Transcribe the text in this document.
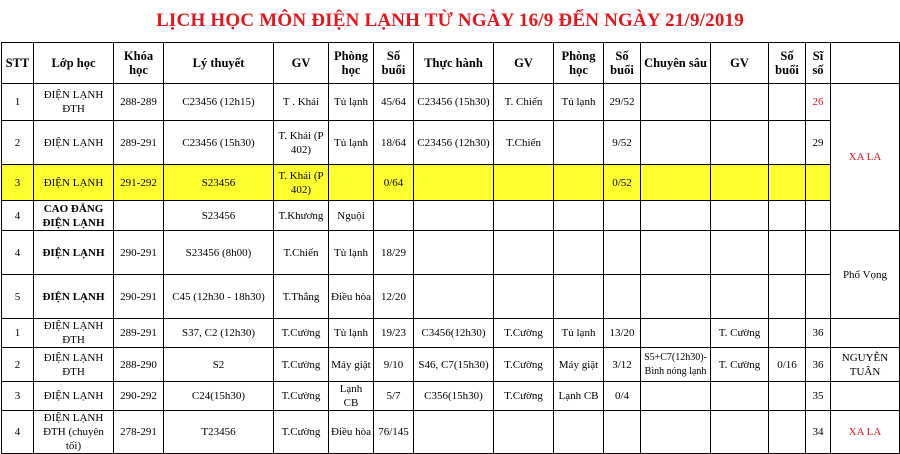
LỊCH HỌC MÔN ĐIỆN LẠNH TỪ NGÀY 16/9 ĐẾN NGÀY 21/9/2019
STT	Lớp học	Khóa học	Lý thuyết	GV	Phòng học	Số buổi	Thực hành	GV	Phòng học	Số buổi	Chuyên sâu	GV	Số buổi	Sĩ số	
1	ĐIỆN LẠNH ĐTH	288-289	C23456 (12h15)	T . Khải	Tủ lạnh	45/64	C23456 (15h30)	T. Chiến	Tủ lạnh	29/52				26	XA LA
2	ĐIỆN LẠNH	289-291	C23456 (15h30)	T. Khải (P 402)	Tủ lạnh	18/64	C23456 (12h30)	T.Chiến		9/52				29	
3	ĐIỆN LẠNH	291-292	S23456	T. Khải (P 402)		0/64				0/52					
4	CAO ĐẲNG ĐIỆN LẠNH		S23456	T.Khương	Nguội										
4	ĐIỆN LẠNH	290-291	S23456 (8h00)	T.Chiến	Tủ lạnh	18/29									Phố Vọng
5	ĐIỆN LẠNH	290-291	C45 (12h30 - 18h30)	T.Thắng	Điều hòa	12/20									
1	ĐIỆN LẠNH ĐTH	289-291	S37, C2 (12h30)	T.Cường	Tủ lạnh	19/23	C3456(12h30)	T.Cường	Tủ lạnh	13/20		T. Cường		36	
2	ĐIỆN LẠNH ĐTH	288-290	S2	T.Cường	Máy giặt	9/10	S46, C7(15h30)	T.Cường	Máy giặt	3/12	S5+C7(12h30)- Bình nóng lạnh	T. Cường	0/16	36	NGUYỄN TUÂN
3	ĐIỆN LẠNH	290-292	C24(15h30)	T.Cường	Lạnh CB	5/7	C356(15h30)	T.Cường	Lạnh CB	0/4				35	
4	ĐIỆN LẠNH ĐTH (chuyên tối)	278-291	T23456	T.Cường	Điều hòa	76/145								34	XA LA
